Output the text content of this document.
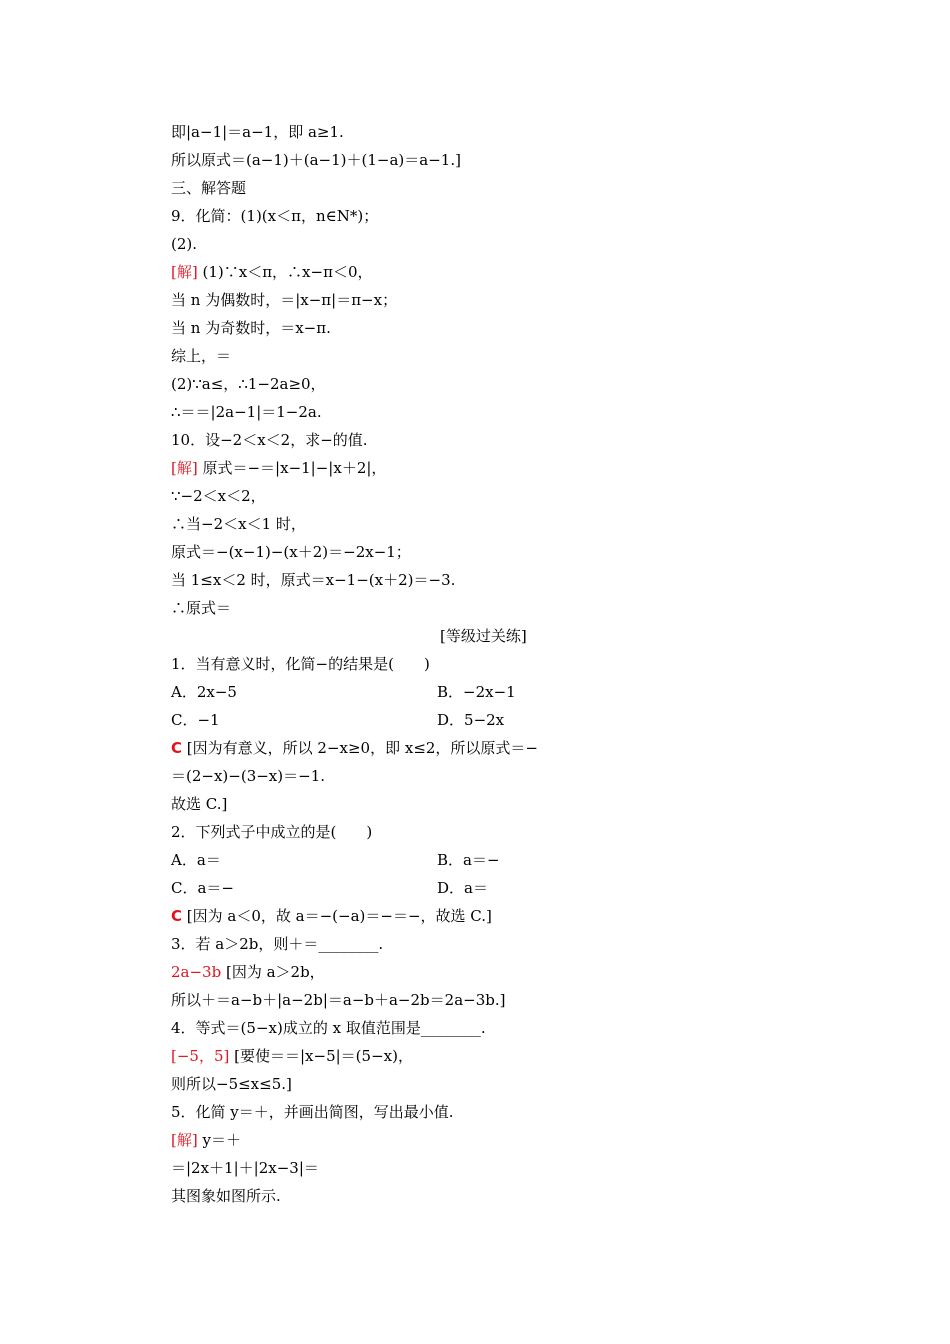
即|a−1|＝a−1，即 a≥1.
所以原式＝(a−1)＋(a−1)＋(1−a)＝a−1.]
三、解答题
9．化简：(1)(x＜π，n∈N*)；
(2).
[解] (1)∵x＜π，∴x−π＜0，
当 n 为偶数时，＝|x−π|＝π−x；
当 n 为奇数时，＝x−π.
综上，＝
(2)∵a≤，∴1−2a≥0，
∴＝＝|2a−1|＝1−2a.
10．设−2＜x＜2，求−的值.
[解] 原式＝−＝|x−1|−|x＋2|，
∵−2＜x＜2，
∴当−2＜x＜1 时，
原式＝−(x−1)−(x＋2)＝−2x−1；
当 1≤x＜2 时，原式＝x−1−(x＋2)＝−3.
∴原式＝
[等级过关练]
1．当有意义时，化简−的结果是(　　)
A．2x−5	B．−2x−1
C．−1	D．5−2x
C [因为有意义，所以 2−x≥0，即 x≤2，所以原式＝−
＝(2−x)−(3−x)＝−1.
故选 C.]
2．下列式子中成立的是(　　)
A．a＝	B．a＝−
C．a＝−	D．a＝
C [因为 a＜0，故 a＝−(−a)＝−＝−，故选 C.]
3．若 a＞2b，则＋＝________.
2a−3b [因为 a＞2b，
所以＋＝a−b＋|a−2b|＝a−b＋a−2b＝2a−3b.]
4．等式＝(5−x)成立的 x 取值范围是________.
[−5，5] [要使＝＝|x−5|＝(5−x)，
则所以−5≤x≤5.]
5．化简 y＝＋，并画出简图，写出最小值.
[解] y＝＋
＝|2x＋1|＋|2x−3|＝
其图象如图所示.
